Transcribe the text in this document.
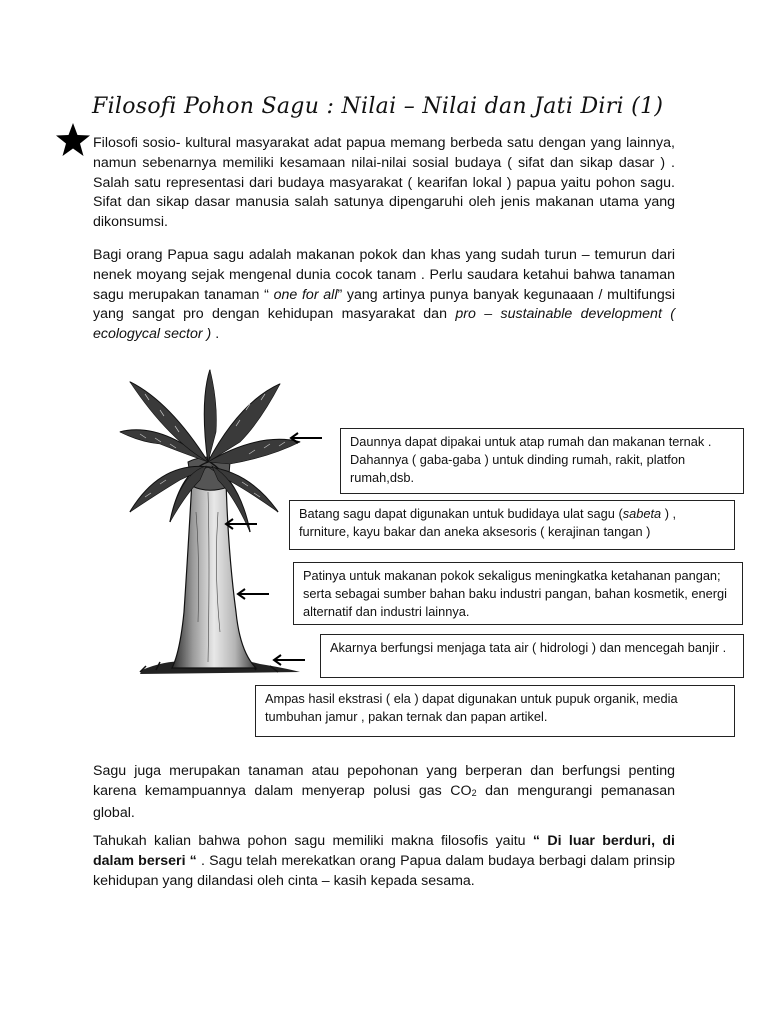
Filosofi Pohon Sagu : Nilai – Nilai dan Jati Diri (1)

Filosofi sosio- kultural masyarakat adat papua memang berbeda satu dengan yang lainnya, namun sebenarnya memiliki kesamaan nilai-nilai sosial budaya ( sifat dan sikap dasar ) . Salah satu representasi dari budaya masyarakat ( kearifan lokal ) papua yaitu pohon sagu. Sifat dan sikap dasar manusia salah satunya dipengaruhi oleh jenis makanan utama yang dikonsumsi.

Bagi orang Papua sagu adalah makanan pokok dan khas yang sudah turun – temurun dari nenek moyang sejak mengenal dunia cocok tanam . Perlu saudara ketahui bahwa tanaman sagu merupakan tanaman “ one for all” yang artinya punya banyak kegunaaan / multifungsi yang sangat pro dengan kehidupan masyarakat dan pro – sustainable development ( ecologycal sector ) .

Daunnya dapat dipakai untuk atap rumah dan makanan ternak . Dahannya ( gaba-gaba ) untuk dinding rumah, rakit, platfon rumah,dsb.
Batang sagu dapat digunakan untuk budidaya ulat sagu (sabeta ) , furniture, kayu bakar dan aneka aksesoris ( kerajinan tangan )
Patinya untuk makanan pokok sekaligus meningkatka ketahanan pangan; serta sebagai sumber bahan baku industri pangan, bahan kosmetik, energi alternatif dan industri lainnya.
Akarnya berfungsi menjaga tata air ( hidrologi ) dan mencegah banjir .
Ampas hasil ekstrasi ( ela ) dapat digunakan untuk pupuk organik, media tumbuhan jamur , pakan ternak dan papan artikel.

Sagu juga merupakan tanaman atau pepohonan yang berperan dan berfungsi penting karena kemampuannya dalam menyerap polusi gas $CO_2$ dan mengurangi pemanasan global.

Tahukah kalian bahwa pohon sagu memiliki makna filosofis yaitu “ Di luar berduri, di dalam berseri “ . Sagu telah merekatkan orang Papua dalam budaya berbagi dalam prinsip kehidupan yang dilandasi oleh cinta – kasih kepada sesama.
